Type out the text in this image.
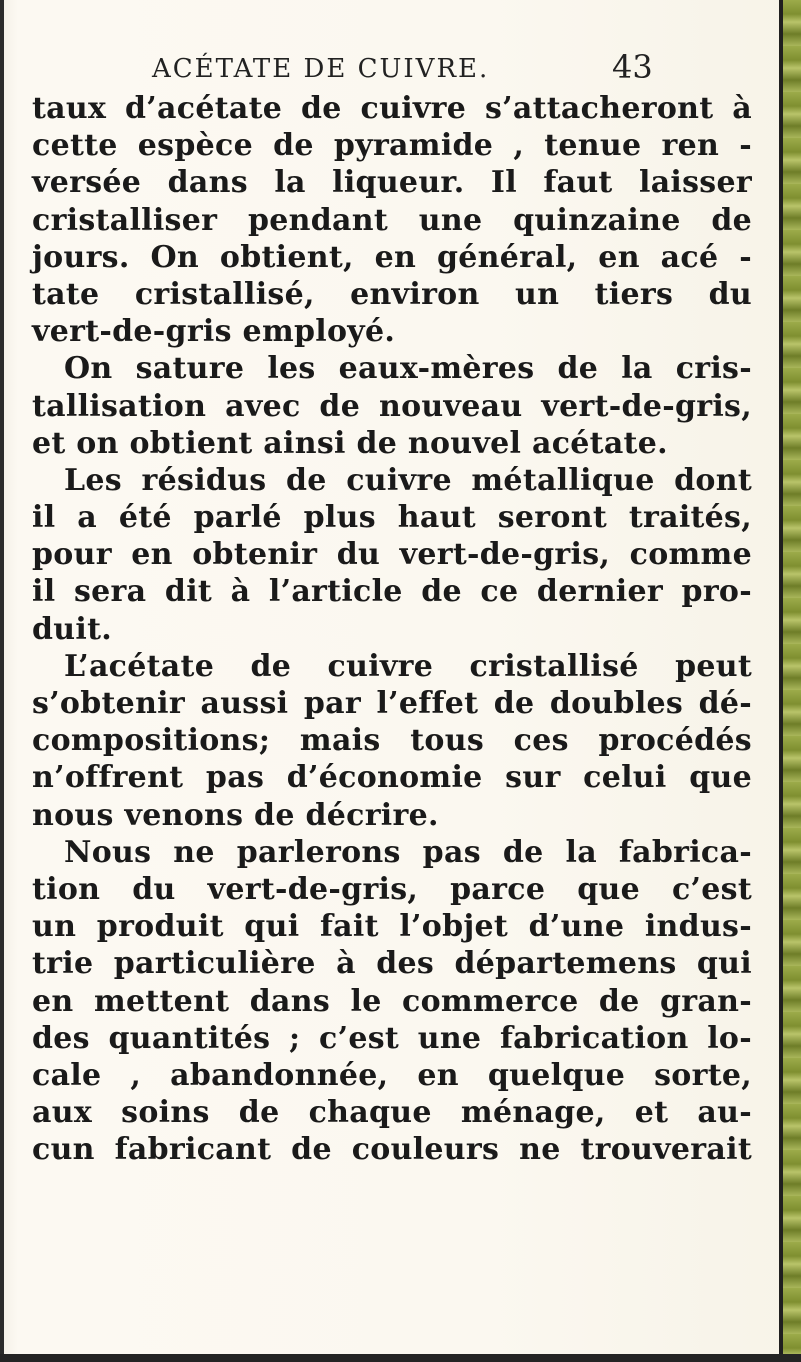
ACÉTATE DE CUIVRE.	43
taux d’acétate de cuivre s’attacheront à
cette espèce de pyramide , tenue ren -
versée dans la liqueur. Il faut laisser
cristalliser pendant une quinzaine de
jours. On obtient, en général, en acé -
tate cristallisé, environ un tiers du
vert-de-gris employé.
On sature les eaux-mères de la cris-
tallisation avec de nouveau vert-de-gris,
et on obtient ainsi de nouvel acétate.
Les résidus de cuivre métallique dont
il a été parlé plus haut seront traités,
pour en obtenir du vert-de-gris, comme
il sera dit à l’article de ce dernier pro-
duit.
L’acétate de cuivre cristallisé peut
s’obtenir aussi par l’effet de doubles dé-
compositions; mais tous ces procédés
n’offrent pas d’économie sur celui que
nous venons de décrire.
Nous ne parlerons pas de la fabrica-
tion du vert-de-gris, parce que c’est
un produit qui fait l’objet d’une indus-
trie particulière à des départemens qui
en mettent dans le commerce de gran-
des quantités ; c’est une fabrication lo-
cale , abandonnée, en quelque sorte,
aux soins de chaque ménage, et au-
cun fabricant de couleurs ne trouverait
